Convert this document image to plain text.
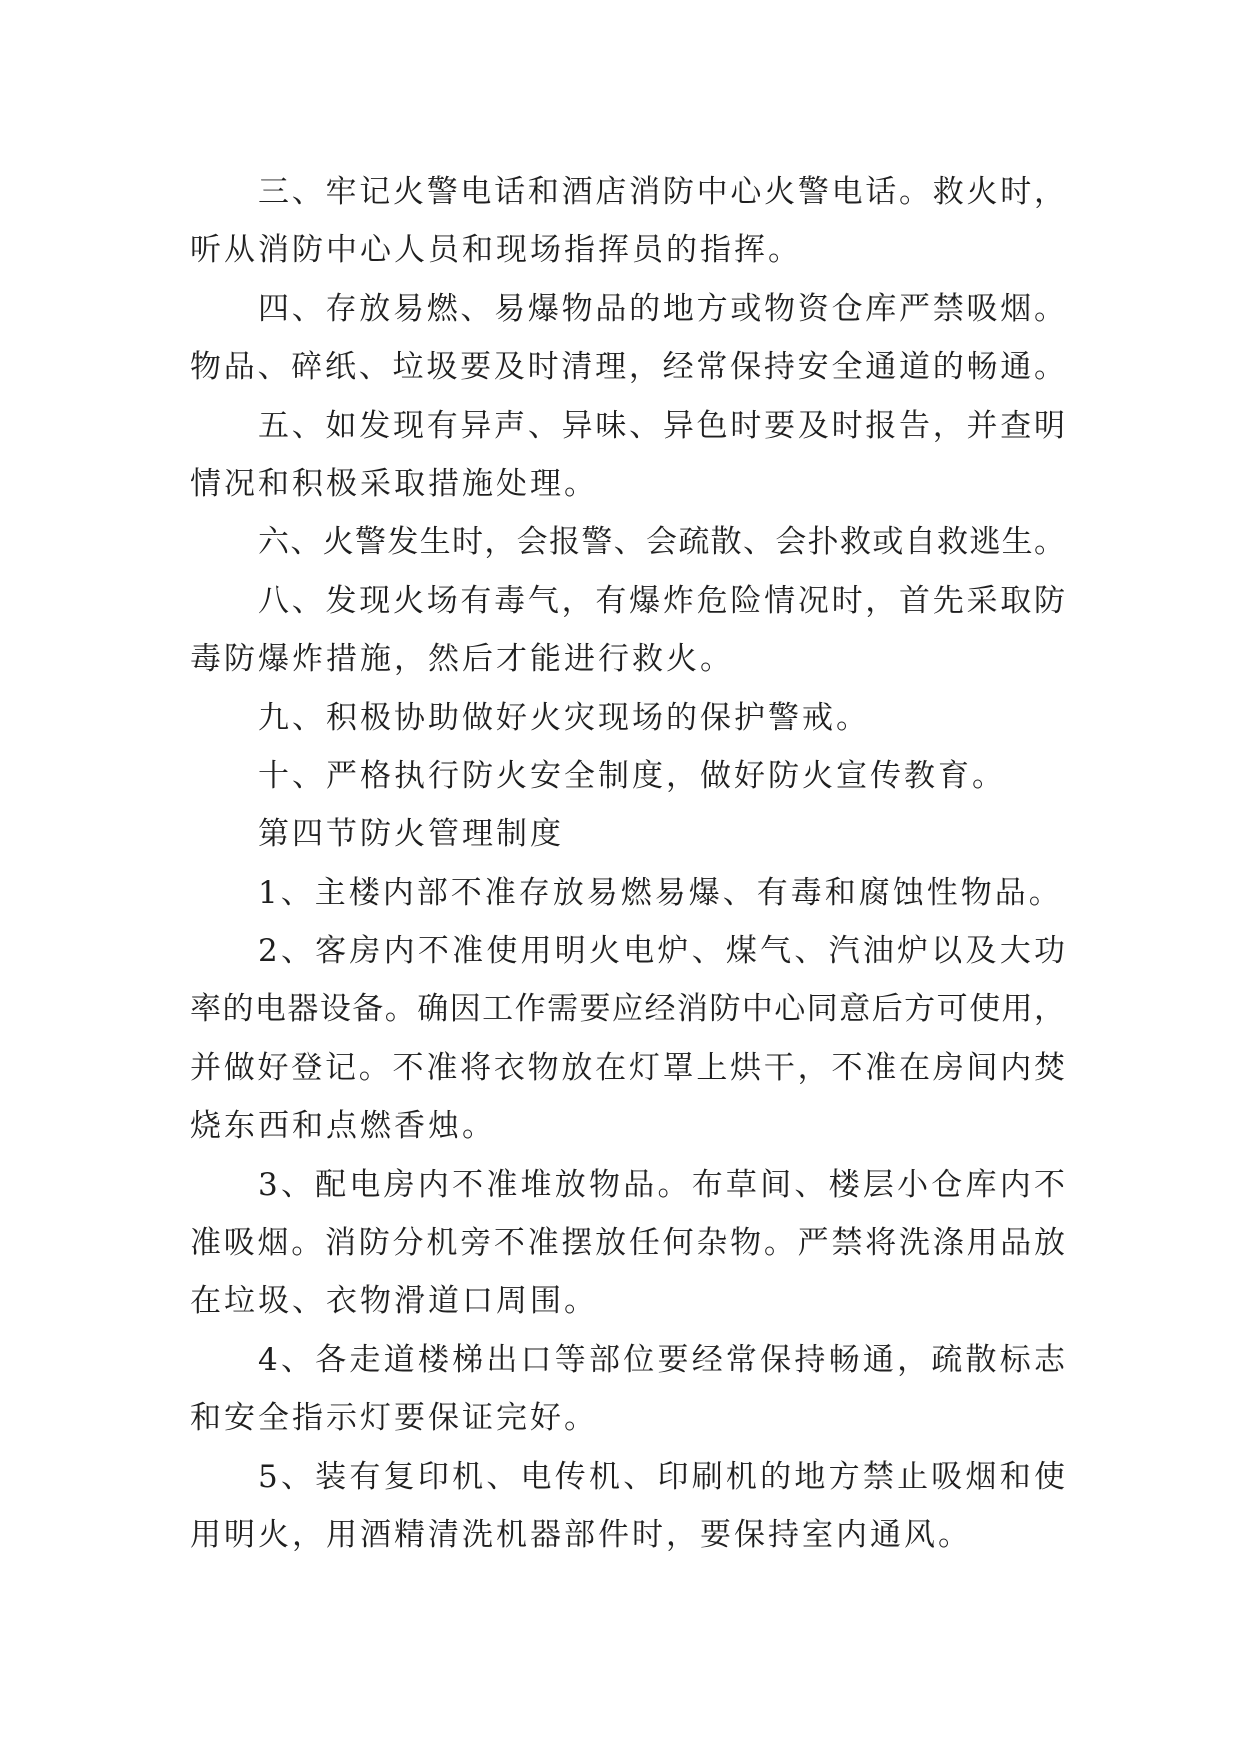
三、牢记火警电话和酒店消防中心火警电话。救火时，
听从消防中心人员和现场指挥员的指挥。
四、存放易燃、易爆物品的地方或物资仓库严禁吸烟。
物品、碎纸、垃圾要及时清理，经常保持安全通道的畅通。
五、如发现有异声、异味、异色时要及时报告，并查明
情况和积极采取措施处理。
六、火警发生时，会报警、会疏散、会扑救或自救逃生。
八、发现火场有毒气，有爆炸危险情况时，首先采取防
毒防爆炸措施，然后才能进行救火。
九、积极协助做好火灾现场的保护警戒。
十、严格执行防火安全制度，做好防火宣传教育。
第四节防火管理制度
1、主楼内部不准存放易燃易爆、有毒和腐蚀性物品。
2、客房内不准使用明火电炉、煤气、汽油炉以及大功
率的电器设备。确因工作需要应经消防中心同意后方可使用，
并做好登记。不准将衣物放在灯罩上烘干，不准在房间内焚
烧东西和点燃香烛。
3、配电房内不准堆放物品。布草间、楼层小仓库内不
准吸烟。消防分机旁不准摆放任何杂物。严禁将洗涤用品放
在垃圾、衣物滑道口周围。
4、各走道楼梯出口等部位要经常保持畅通，疏散标志
和安全指示灯要保证完好。
5、装有复印机、电传机、印刷机的地方禁止吸烟和使
用明火，用酒精清洗机器部件时，要保持室内通风。
